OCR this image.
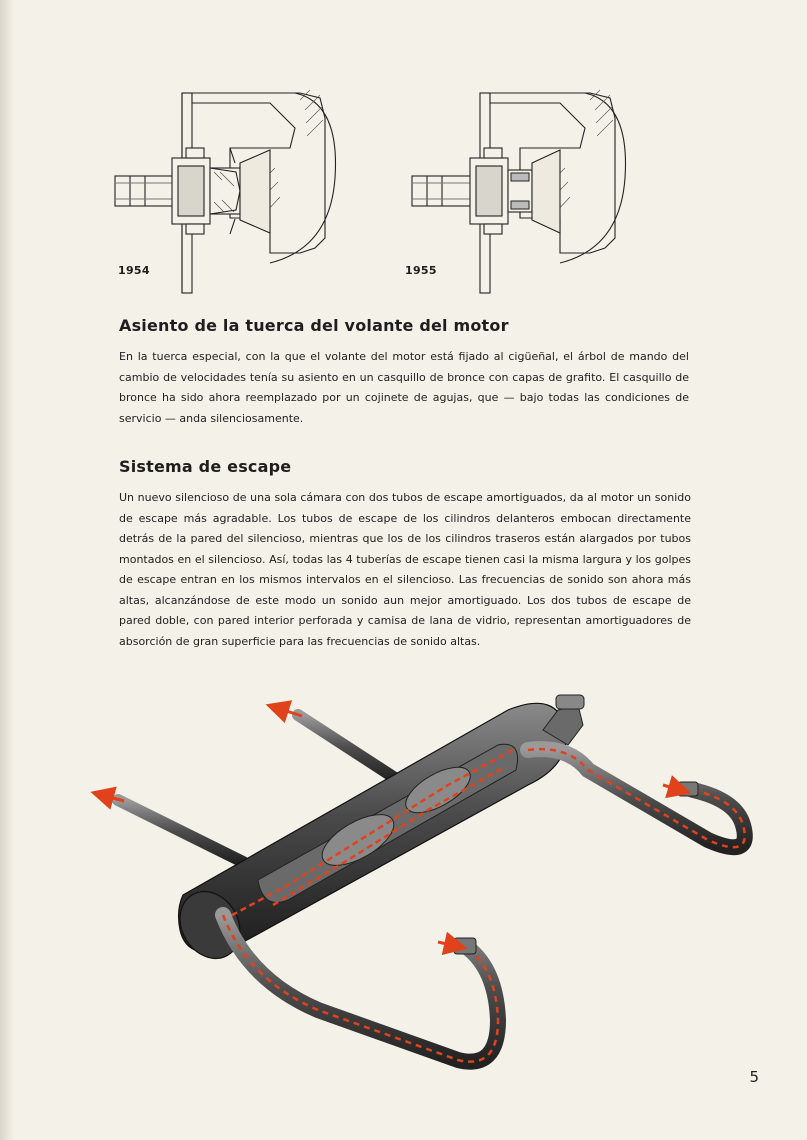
1954	1955
Asiento de la tuerca del volante del motor

En la tuerca especial, con la que el volante del motor está fijado al cigüeñal, el árbol de mando del cambio de velocidades tenía su asiento en un casquillo de bronce con capas de grafito. El casquillo de bronce ha sido ahora reemplazado por un cojinete de agujas, que — bajo todas las condiciones de servicio — anda silenciosamente.

Sistema de escape

Un nuevo silencioso de una sola cámara con dos tubos de escape amortiguados, da al motor un sonido de escape más agradable. Los tubos de escape de los cilindros delanteros embocan directamente detrás de la pared del silencioso, mientras que los de los cilindros traseros están alargados por tubos montados en el silencioso. Así, todas las 4 tuberías de escape tienen casi la misma largura y los golpes de escape entran en los mismos intervalos en el silencioso. Las frecuencias de sonido son ahora más altas, alcanzándose de este modo un sonido aun mejor amortiguado. Los dos tubos de escape de pared doble, con pared interior perforada y camisa de lana de vidrio, representan amortiguadores de absorción de gran superficie para las frecuencias de sonido altas.

5
